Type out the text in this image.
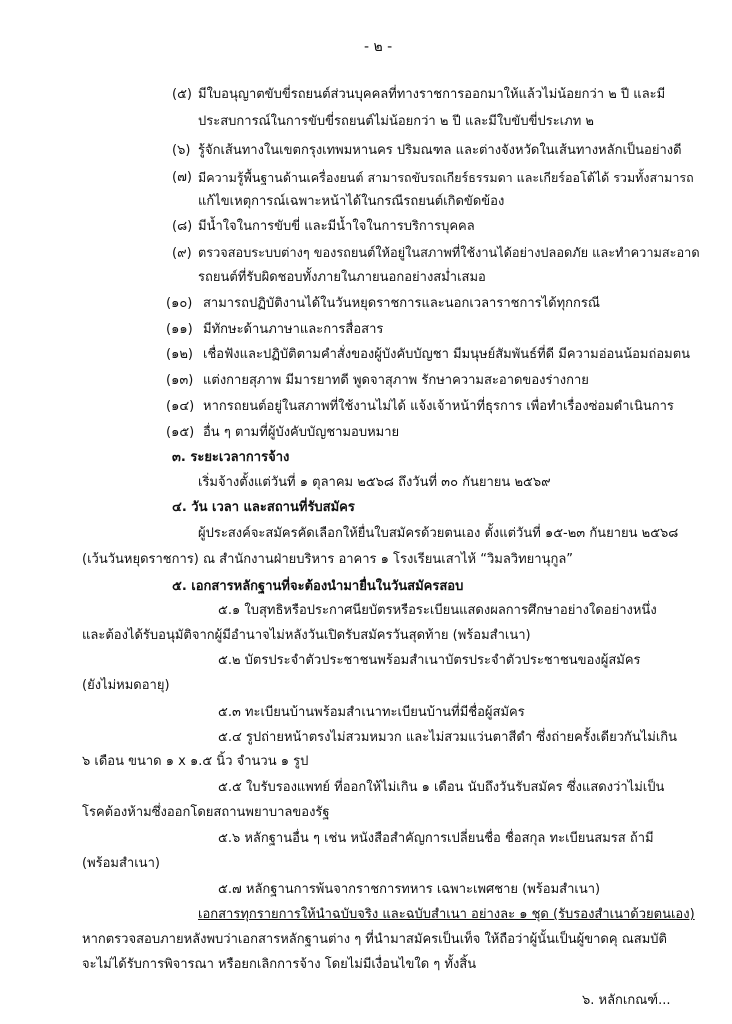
- ๒ -
(๕) มีใบอนุญาตขับขี่รถยนต์ส่วนบุคคลที่ทางราชการออกมาให้แล้วไม่น้อยกว่า ๒ ปี และมี
ประสบการณ์ในการขับขี่รถยนต์ไม่น้อยกว่า ๒ ปี และมีใบขับขี่ประเภท ๒
(๖) รู้จักเส้นทางในเขตกรุงเทพมหานคร ปริมณฑล และต่างจังหวัดในเส้นทางหลักเป็นอย่างดี
(๗) มีความรู้พื้นฐานด้านเครื่องยนต์ สามารถขับรถเกียร์ธรรมดา และเกียร์ออโต้ได้ รวมทั้งสามารถ
แก้ไขเหตุการณ์เฉพาะหน้าได้ในกรณีรถยนต์เกิดขัดข้อง
(๘) มีน้ำใจในการขับขี่ และมีน้ำใจในการบริการบุคคล
(๙) ตรวจสอบระบบต่างๆ ของรถยนต์ให้อยู่ในสภาพที่ใช้งานได้อย่างปลอดภัย และทำความสะอาด
รถยนต์ที่รับผิดชอบทั้งภายในภายนอกอย่างสม่ำเสมอ
(๑๐) สามารถปฏิบัติงานได้ในวันหยุดราชการและนอกเวลาราชการได้ทุกกรณี
(๑๑) มีทักษะด้านภาษาและการสื่อสาร
(๑๒) เชื่อฟังและปฏิบัติตามคำสั่งของผู้บังคับบัญชา มีมนุษย์สัมพันธ์ที่ดี มีความอ่อนน้อมถ่อมตน
(๑๓) แต่งกายสุภาพ มีมารยาทดี พูดจาสุภาพ รักษาความสะอาดของร่างกาย
(๑๔) หากรถยนต์อยู่ในสภาพที่ใช้งานไม่ได้ แจ้งเจ้าหน้าที่ธุรการ เพื่อทำเรื่องซ่อมดำเนินการ
(๑๕) อื่น ๆ ตามที่ผู้บังคับบัญชามอบหมาย
๓. ระยะเวลาการจ้าง
เริ่มจ้างตั้งแต่วันที่ ๑ ตุลาคม ๒๕๖๘ ถึงวันที่ ๓๐ กันยายน ๒๕๖๙
๔. วัน เวลา และสถานที่รับสมัคร
ผู้ประสงค์จะสมัครคัดเลือกให้ยื่นใบสมัครด้วยตนเอง ตั้งแต่วันที่ ๑๕-๒๓ กันยายน ๒๕๖๘
(เว้นวันหยุดราชการ) ณ สำนักงานฝ่ายบริหาร อาคาร ๑ โรงเรียนเสาไห้ “วิมลวิทยานุกูล”
๕. เอกสารหลักฐานที่จะต้องนำมายื่นในวันสมัครสอบ
๕.๑ ใบสุทธิหรือประกาศนียบัตรหรือระเบียนแสดงผลการศึกษาอย่างใดอย่างหนึ่ง
และต้องได้รับอนุมัติจากผู้มีอำนาจไม่หลังวันเปิดรับสมัครวันสุดท้าย (พร้อมสำเนา)
๕.๒ บัตรประจำตัวประชาชนพร้อมสำเนาบัตรประจำตัวประชาชนของผู้สมัคร
(ยังไม่หมดอายุ)
๕.๓ ทะเบียนบ้านพร้อมสำเนาทะเบียนบ้านที่มีชื่อผู้สมัคร
๕.๔ รูปถ่ายหน้าตรงไม่สวมหมวก และไม่สวมแว่นตาสีดำ ซึ่งถ่ายครั้งเดียวกันไม่เกิน
๖ เดือน ขนาด ๑ x ๑.๕ นิ้ว จำนวน ๑ รูป
๕.๕ ใบรับรองแพทย์ ที่ออกให้ไม่เกิน ๑ เดือน นับถึงวันรับสมัคร ซึ่งแสดงว่าไม่เป็น
โรคต้องห้ามซึ่งออกโดยสถานพยาบาลของรัฐ
๕.๖ หลักฐานอื่น ๆ เช่น หนังสือสำคัญการเปลี่ยนชื่อ ชื่อสกุล ทะเบียนสมรส ถ้ามี
(พร้อมสำเนา)
๕.๗ หลักฐานการพ้นจากราชการทหาร เฉพาะเพศชาย (พร้อมสำเนา)
เอกสารทุกรายการให้นำฉบับจริง และฉบับสำเนา อย่างละ ๑ ชุด (รับรองสำเนาด้วยตนเอง)
หากตรวจสอบภายหลังพบว่าเอกสารหลักฐานต่าง ๆ ที่นำมาสมัครเป็นเท็จ ให้ถือว่าผู้นั้นเป็นผู้ขาดคุ ณสมบัติ
จะไม่ได้รับการพิจารณา หรือยกเลิกการจ้าง โดยไม่มีเงื่อนไขใด ๆ ทั้งสิ้น
๖. หลักเกณฑ์...
